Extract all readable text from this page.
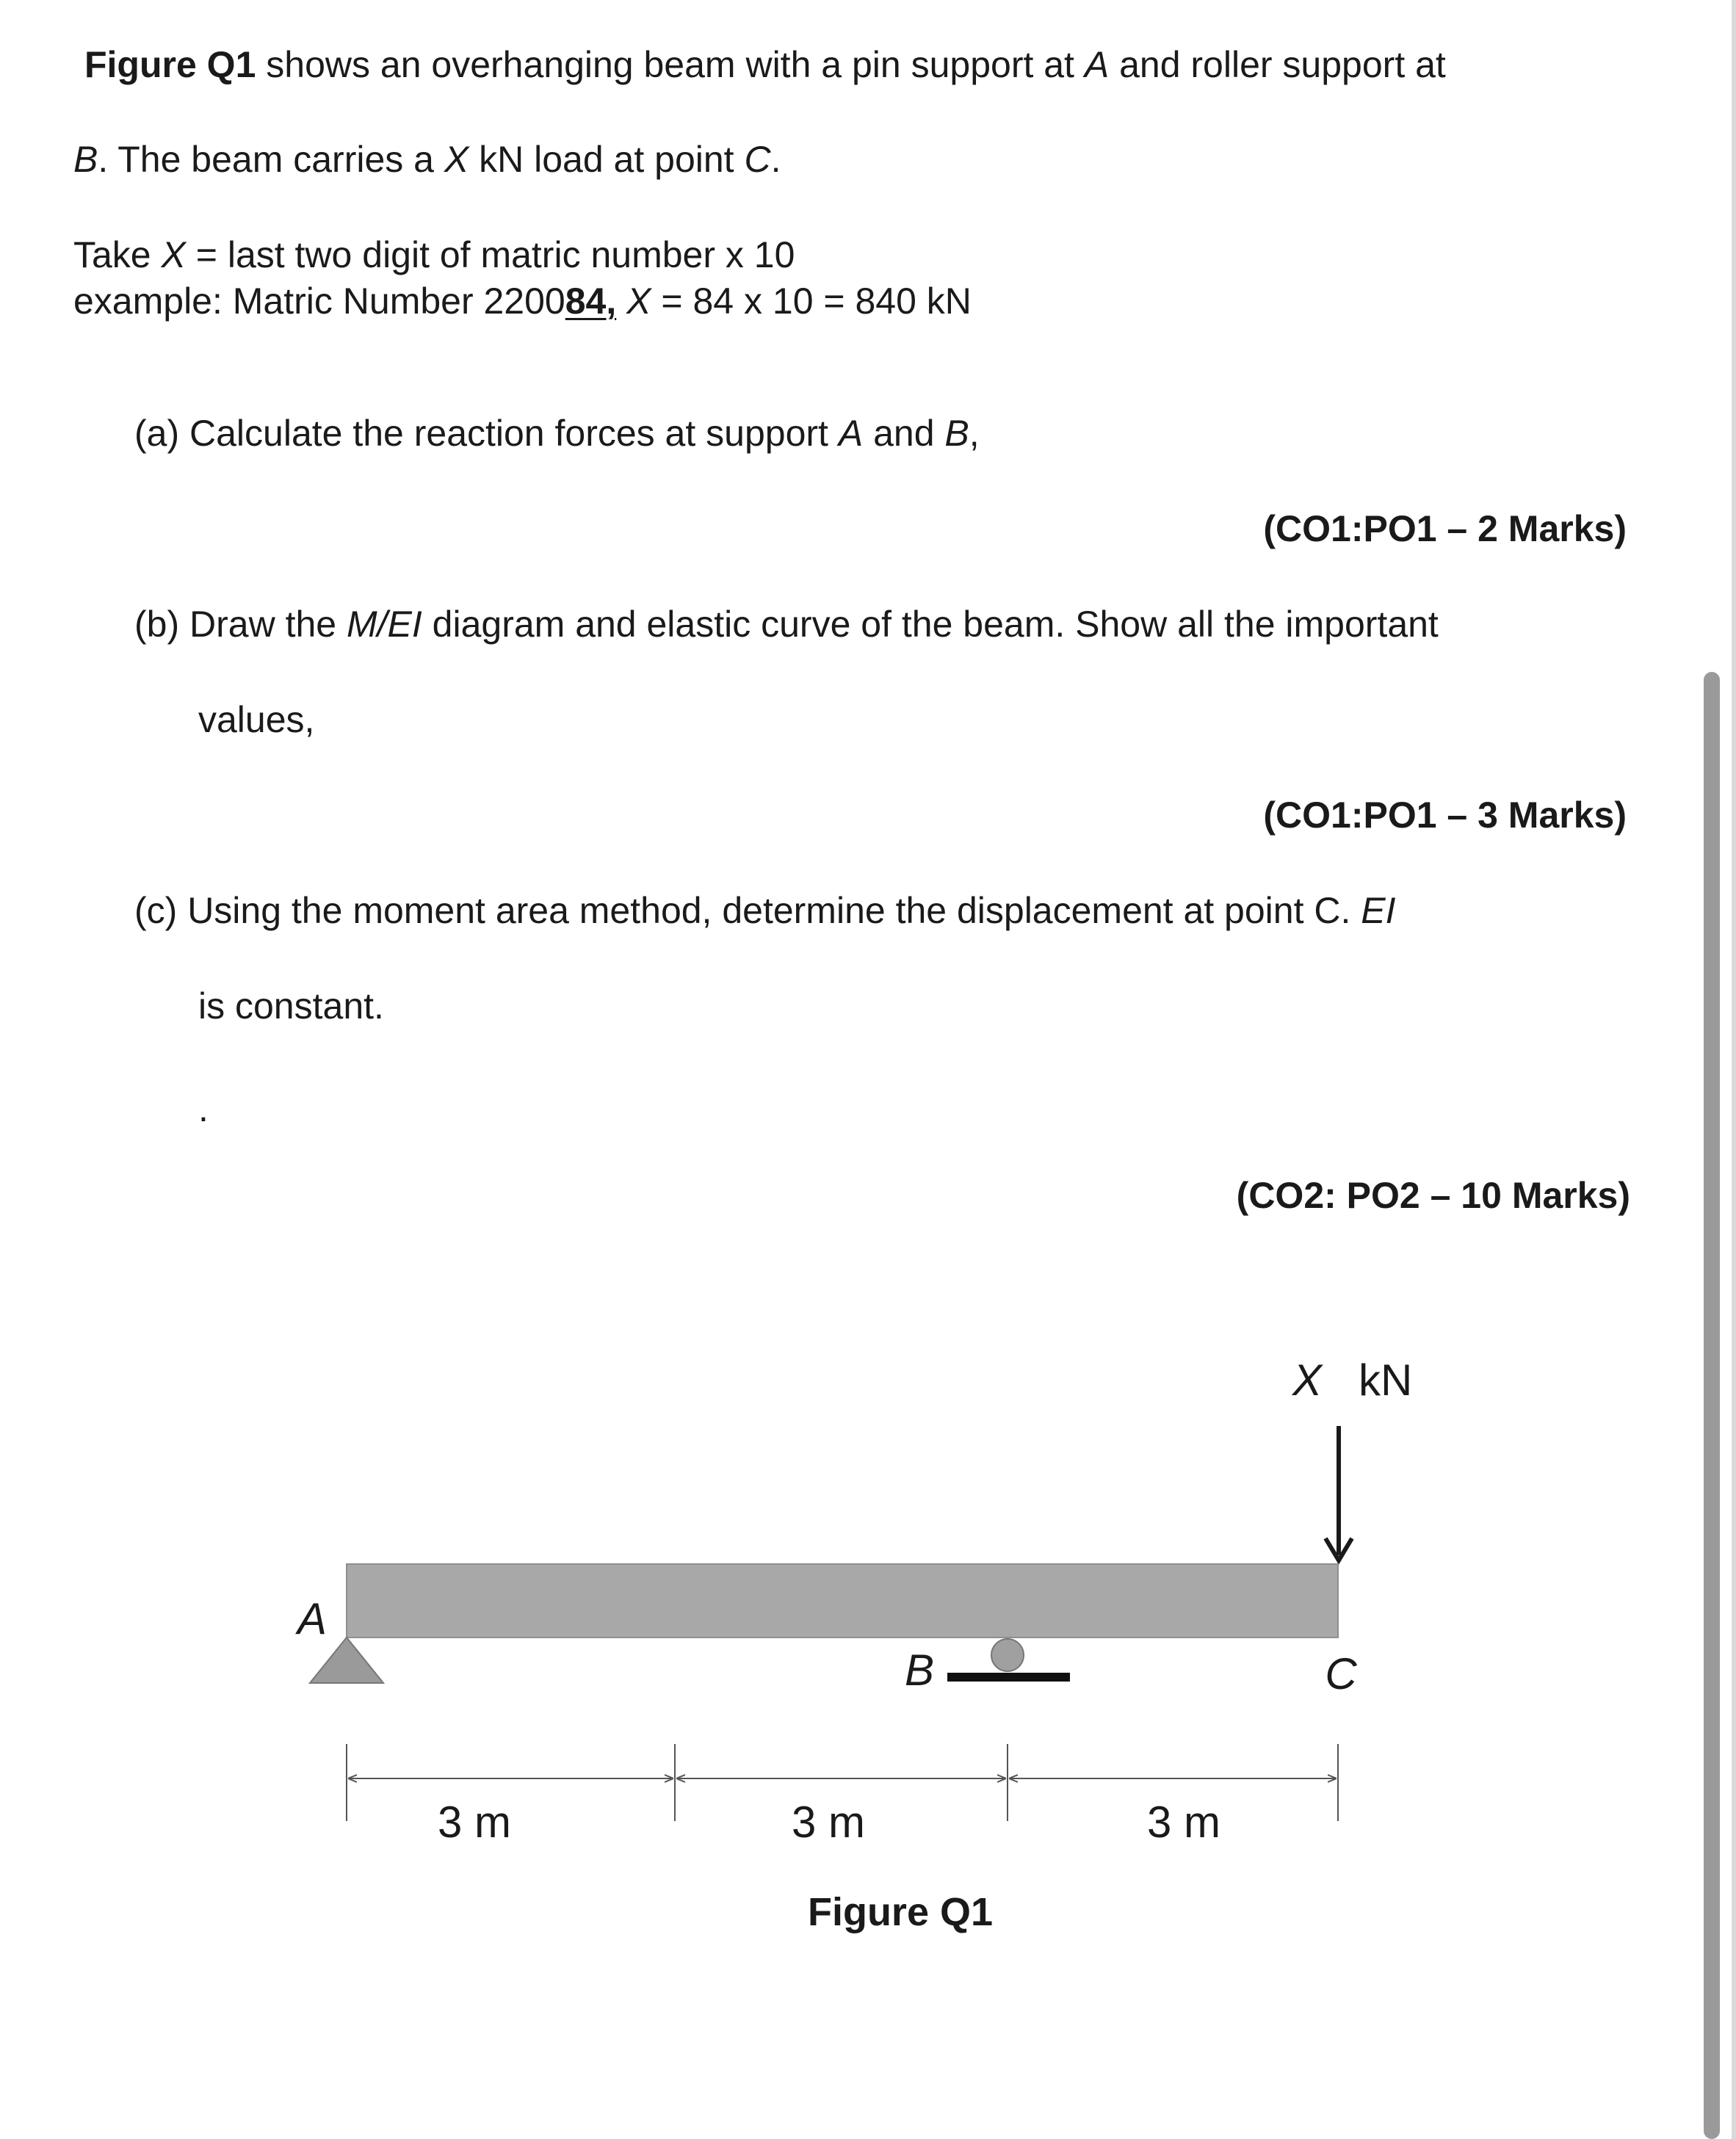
Figure Q1 shows an overhanging beam with a pin support at A and roller support at
B. The beam carries a X kN load at point C.
Take X = last two digit of matric number x 10
example: Matric Number 220084, X = 84 x 10 = 840 kN
(a) Calculate the reaction forces at support A and B,
(CO1:PO1 – 2 Marks)
(b) Draw the M/EI diagram and elastic curve of the beam. Show all the important
values,
(CO1:PO1 – 3 Marks)
(c) Using the moment area method, determine the displacement at point C. EI
is constant.
.
(CO2: PO2 – 10 Marks)
X kN
A
B	C
3 m	3 m	3 m
Figure Q1
